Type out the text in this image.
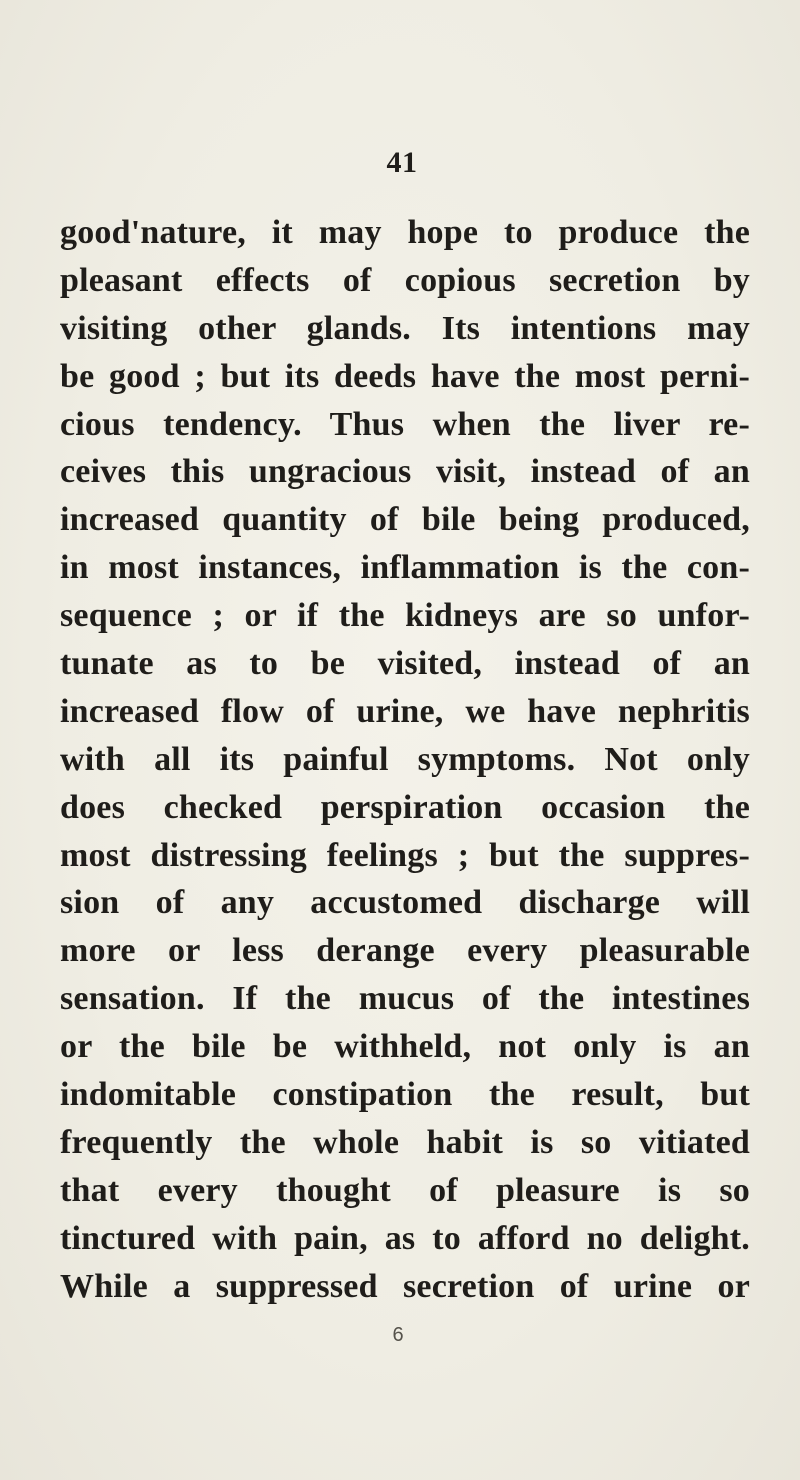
41
good'nature, it may hope to produce the
pleasant effects of copious secretion by
visiting other glands. Its intentions may
be good ; but its deeds have the most perni-
cious tendency. Thus when the liver re-
ceives this ungracious visit, instead of an
increased quantity of bile being produced,
in most instances, inflammation is the con-
sequence ; or if the kidneys are so unfor-
tunate as to be visited, instead of an
increased flow of urine, we have nephritis
with all its painful symptoms. Not only
does checked perspiration occasion the
most distressing feelings ; but the suppres-
sion of any accustomed discharge will
more or less derange every pleasurable
sensation. If the mucus of the intestines
or the bile be withheld, not only is an
indomitable constipation the result, but
frequently the whole habit is so vitiated
that every thought of pleasure is so
tinctured with pain, as to afford no delight.
While a suppressed secretion of urine or
6
